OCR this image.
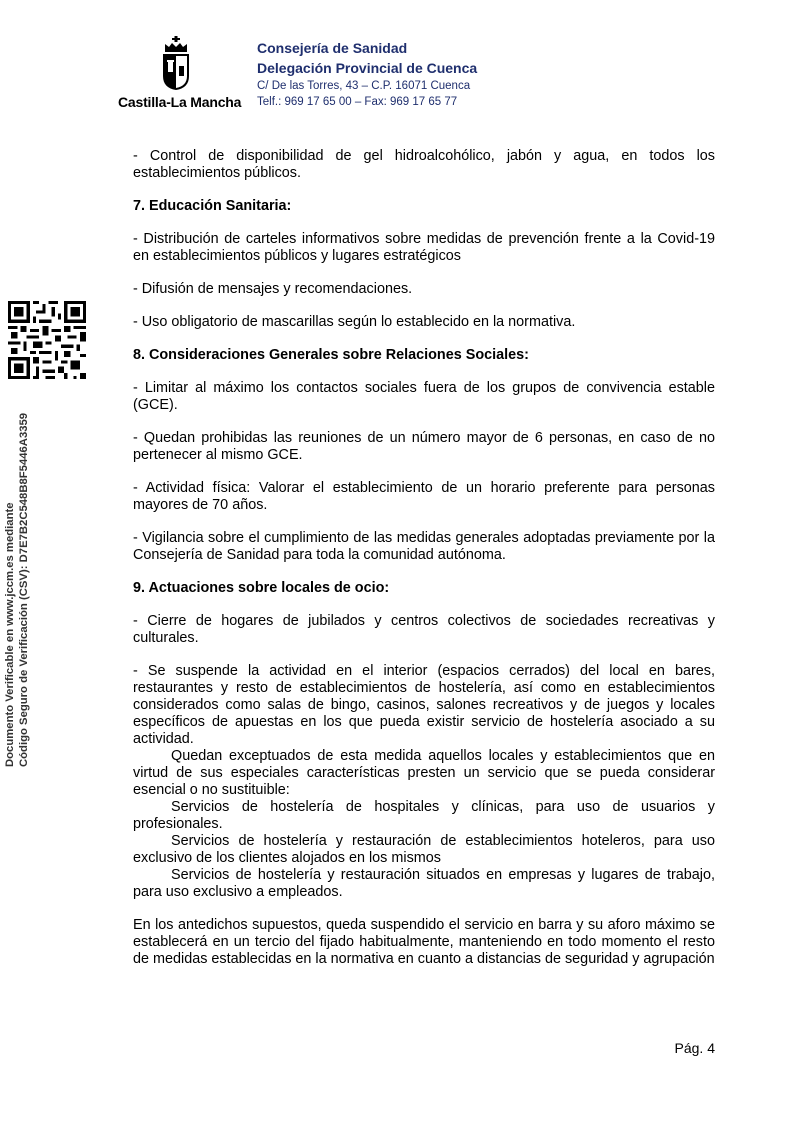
Castilla-La Mancha
Consejería de Sanidad
Delegación Provincial de Cuenca
C/ De las Torres, 43 – C.P. 16071 Cuenca
Telf.: 969 17 65 00 – Fax: 969 17 65 77
Documento Verificable en www.jccm.es mediante Código Seguro de Verificación (CSV): D7E7B2C548B8F5446A3359

- Control de disponibilidad de gel hidroalcohólico, jabón y agua, en todos los establecimientos públicos.

7. Educación Sanitaria:

- Distribución de carteles informativos sobre medidas de prevención frente a la Covid-19 en establecimientos públicos y lugares estratégicos

- Difusión de mensajes y recomendaciones.

- Uso obligatorio de mascarillas según lo establecido en la normativa.

8. Consideraciones Generales sobre Relaciones Sociales:

- Limitar al máximo los contactos sociales fuera de los grupos de convivencia estable (GCE).

- Quedan prohibidas las reuniones de un número mayor de 6 personas, en caso de no pertenecer al mismo GCE.

- Actividad física: Valorar el establecimiento de un horario preferente para personas mayores de 70 años.

- Vigilancia sobre el cumplimiento de las medidas generales adoptadas previamente por la Consejería de Sanidad para toda la comunidad autónoma.

9. Actuaciones sobre locales de ocio:

- Cierre de hogares de jubilados y centros colectivos de sociedades recreativas y culturales.

- Se suspende la actividad en el interior (espacios cerrados) del local en bares, restaurantes y resto de establecimientos de hostelería, así como en establecimientos considerados como salas de bingo, casinos, salones recreativos y de juegos y locales específicos de apuestas en los que pueda existir servicio de hostelería asociado a su actividad.

Quedan exceptuados de esta medida aquellos locales y establecimientos que en virtud de sus especiales características presten un servicio que se pueda considerar esencial o no sustituible:

Servicios de hostelería de hospitales y clínicas, para uso de usuarios y profesionales.

Servicios de hostelería y restauración de establecimientos hoteleros, para uso exclusivo de los clientes alojados en los mismos

Servicios de hostelería y restauración situados en empresas y lugares de trabajo, para uso exclusivo a empleados.

En los antedichos supuestos, queda suspendido el servicio en barra y su aforo máximo se establecerá en un tercio del fijado habitualmente, manteniendo en todo momento el resto de medidas establecidas en la normativa en cuanto a distancias de seguridad y agrupación

Pág. 4
